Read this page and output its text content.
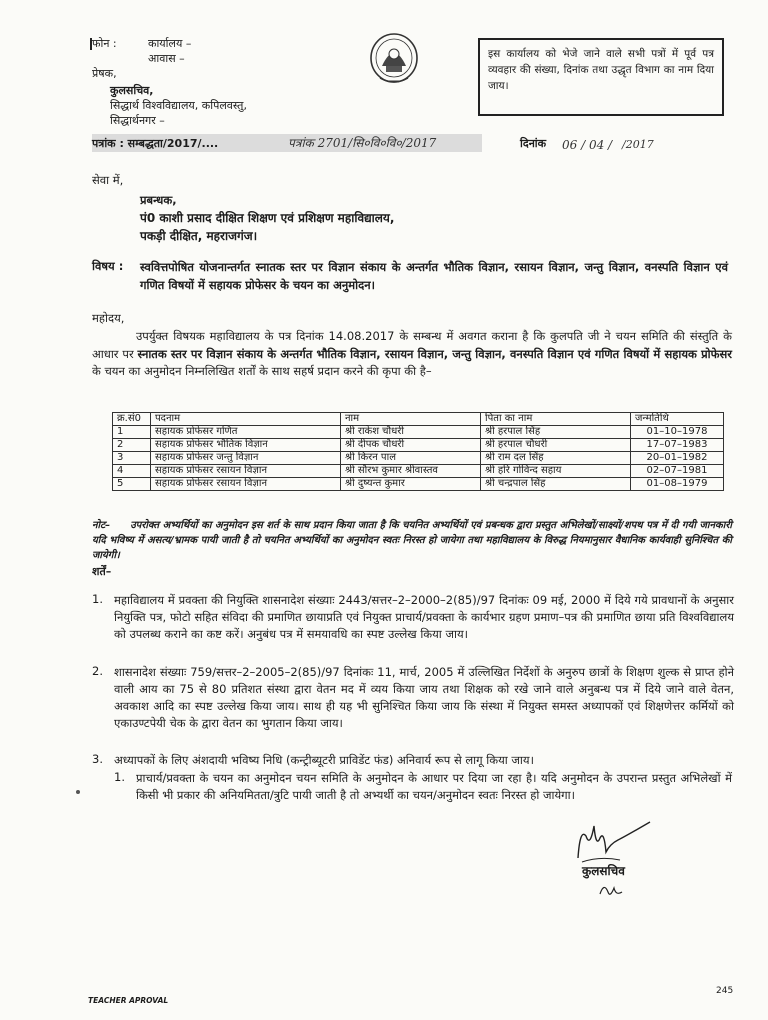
फोन :	कार्यालय –
आवास –
प्रेषक,
कुलसचिव,
सिद्धार्थ विश्वविद्यालय, कपिलवस्तु,
सिद्धार्थनगर –
इस कार्यालय को भेजे जाने वाले सभी पत्रों में पूर्व पत्र व्यवहार की संख्या, दिनांक तथा उद्धृत विभाग का नाम दिया जाय।
पत्रांक : सम्बद्धता/2017/....	पत्रांक 2701/सि०वि०वि०/2017	दिनांक 06 / 04 / /2017
सेवा में,
प्रबन्धक,
पं0 काशी प्रसाद दीक्षित शिक्षण एवं प्रशिक्षण महाविद्यालय,
पकड़ी दीक्षित, महराजगंज।
विषय : स्ववित्तपोषित योजनान्तर्गत स्नातक स्तर पर विज्ञान संकाय के अन्तर्गत भौतिक विज्ञान, रसायन विज्ञान, जन्तु विज्ञान, वनस्पति विज्ञान एवं गणित विषयों में सहायक प्रोफेसर के चयन का अनुमोदन।
महोदय,
उपर्युक्त विषयक महाविद्यालय के पत्र दिनांक 14.08.2017 के सम्बन्ध में अवगत कराना है कि कुलपति जी ने चयन समिति की संस्तुति के आधार पर स्नातक स्तर पर विज्ञान संकाय के अन्तर्गत भौतिक विज्ञान, रसायन विज्ञान, जन्तु विज्ञान, वनस्पति विज्ञान एवं गणित विषयों में सहायक प्रोफेसर के चयन का अनुमोदन निम्नलिखित शर्तों के साथ सहर्ष प्रदान करने की कृपा की है–
क्र.सं0	पदनाम	नाम	पिता का नाम	जन्मतिथि
1	सहायक प्रोफेसर गणित	श्री राकेश चौधरी	श्री हरपाल सिंह	01–10–1978
2	सहायक प्रोफेसर भौतिक विज्ञान	श्री दीपक चौधरी	श्री हरपाल चौधरी	17–07–1983
3	सहायक प्रोफेसर जन्तु विज्ञान	श्री किरन पाल	श्री राम दल सिंह	20–01–1982
4	सहायक प्रोफेसर रसायन विज्ञान	श्री सौरभ कुमार श्रीवास्तव	श्री हरि गोविन्द सहाय	02–07–1981
5	सहायक प्रोफेसर रसायन विज्ञान	श्री दुष्यन्त कुमार	श्री चन्द्रपाल सिंह	01–08–1979
नोट– उपरोक्त अभ्यर्थियों का अनुमोदन इस शर्त के साथ प्रदान किया जाता है कि चयनित अभ्यर्थियों एवं प्रबन्धक द्वारा प्रस्तुत अभिलेखों/साक्ष्यों/शपथ पत्र में दी गयी जानकारी यदि भविष्य में असत्य/भ्रामक पायी जाती है तो चयनित अभ्यर्थियों का अनुमोदन स्वतः निरस्त हो जायेगा तथा महाविद्यालय के विरुद्ध नियमानुसार वैधानिक कार्यवाही सुनिश्चित की जायेगी।
शर्तें–
1. महाविद्यालय में प्रवक्ता की नियुक्ति शासनादेश संख्याः 2443/सत्तर–2–2000–2(85)/97 दिनांकः 09 मई, 2000 में दिये गये प्रावधानों के अनुसार नियुक्ति पत्र, फोटो सहित संविदा की प्रमाणित छायाप्रति एवं नियुक्त प्राचार्य/प्रवक्ता के कार्यभार ग्रहण प्रमाण–पत्र की प्रमाणित छाया प्रति विश्वविद्यालय को उपलब्ध कराने का कष्ट करें। अनुबंध पत्र में समयावधि का स्पष्ट उल्लेख किया जाय।
2. शासनादेश संख्याः 759/सत्तर–2–2005–2(85)/97 दिनांकः 11, मार्च, 2005 में उल्लिखित निर्देशों के अनुरुप छात्रों के शिक्षण शुल्क से प्राप्त होने वाली आय का 75 से 80 प्रतिशत संस्था द्वारा वेतन मद में व्यय किया जाय तथा शिक्षक को रखे जाने वाले अनुबन्ध पत्र में दिये जाने वाले वेतन, अवकाश आदि का स्पष्ट उल्लेख किया जाय। साथ ही यह भी सुनिश्चित किया जाय कि संस्था में नियुक्त समस्त अध्यापकों एवं शिक्षणेत्तर कर्मियों को एकाउण्टपेयी चेक के द्वारा वेतन का भुगतान किया जाय।
3. अध्यापकों के लिए अंशदायी भविष्य निधि (कन्ट्रीब्यूटरी प्राविडेंट फंड) अनिवार्य रूप से लागू किया जाय।
1. प्राचार्य/प्रवक्ता के चयन का अनुमोदन चयन समिति के अनुमोदन के आधार पर दिया जा रहा है। यदि अनुमोदन के उपरान्त प्रस्तुत अभिलेखों में किसी भी प्रकार की अनियमितता/त्रुटि पायी जाती है तो अभ्यर्थी का चयन/अनुमोदन स्वतः निरस्त हो जायेगा।
कुलसचिव
245
TEACHER APROVAL
